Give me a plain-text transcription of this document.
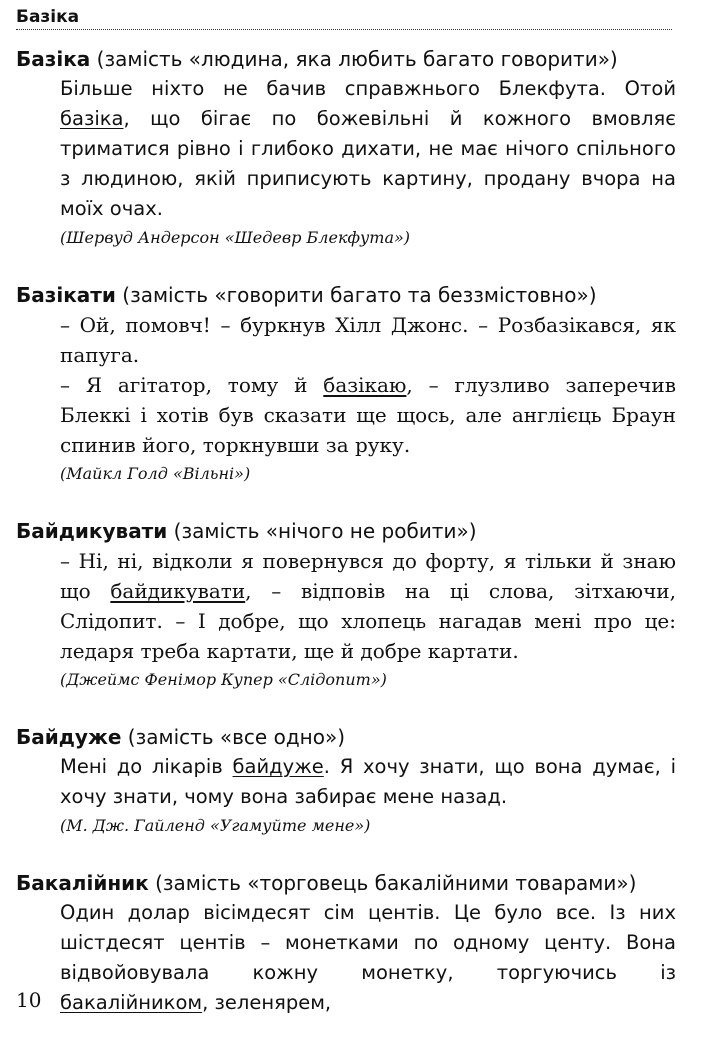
Базіка

Базіка (замість «людина, яка любить багато говорити»)

Більше ніхто не бачив справжнього Блекфута. Отой базіка, що бігає по божевільні й кожного вмовляє триматися рівно і глибоко дихати, не має нічого спільного з людиною, якій приписують картину, продану вчора на моїх очах.

(Шервуд Андерсон «Шедевр Блекфута»)

Базікати (замість «говорити багато та беззмістовно»)

– Ой, помовч! – буркнув Хілл Джонс. – Розбазікався, як папуга.

– Я агітатор, тому й базікаю, – глузливо заперечив Блеккі і хотів був сказати ще щось, але англієць Браун спинив його, торкнувши за руку.

(Майкл Голд «Вільні»)

Байдикувати (замість «нічого не робити»)

– Ні, ні, відколи я повернувся до форту, я тільки й знаю що байдикувати, – відповів на ці слова, зітхаючи, Слідопит. – І добре, що хлопець нагадав мені про це: ледаря треба картати, ще й добре картати.

(Джеймс Фенімор Купер «Слідопит»)

Байдуже (замість «все одно»)

Мені до лікарів байдуже. Я хочу знати, що вона думає, і хочу знати, чому вона забирає мене назад.

(М. Дж. Гайленд «Угамуйте мене»)

Бакалійник (замість «торговець бакалійними товарами»)

Один долар вісімдесят сім центів. Це було все. Із них шістдесят центів – монетками по одному центу. Вона відвойовувала кожну монетку, торгуючись із бакалійником, зеленярем,

10
